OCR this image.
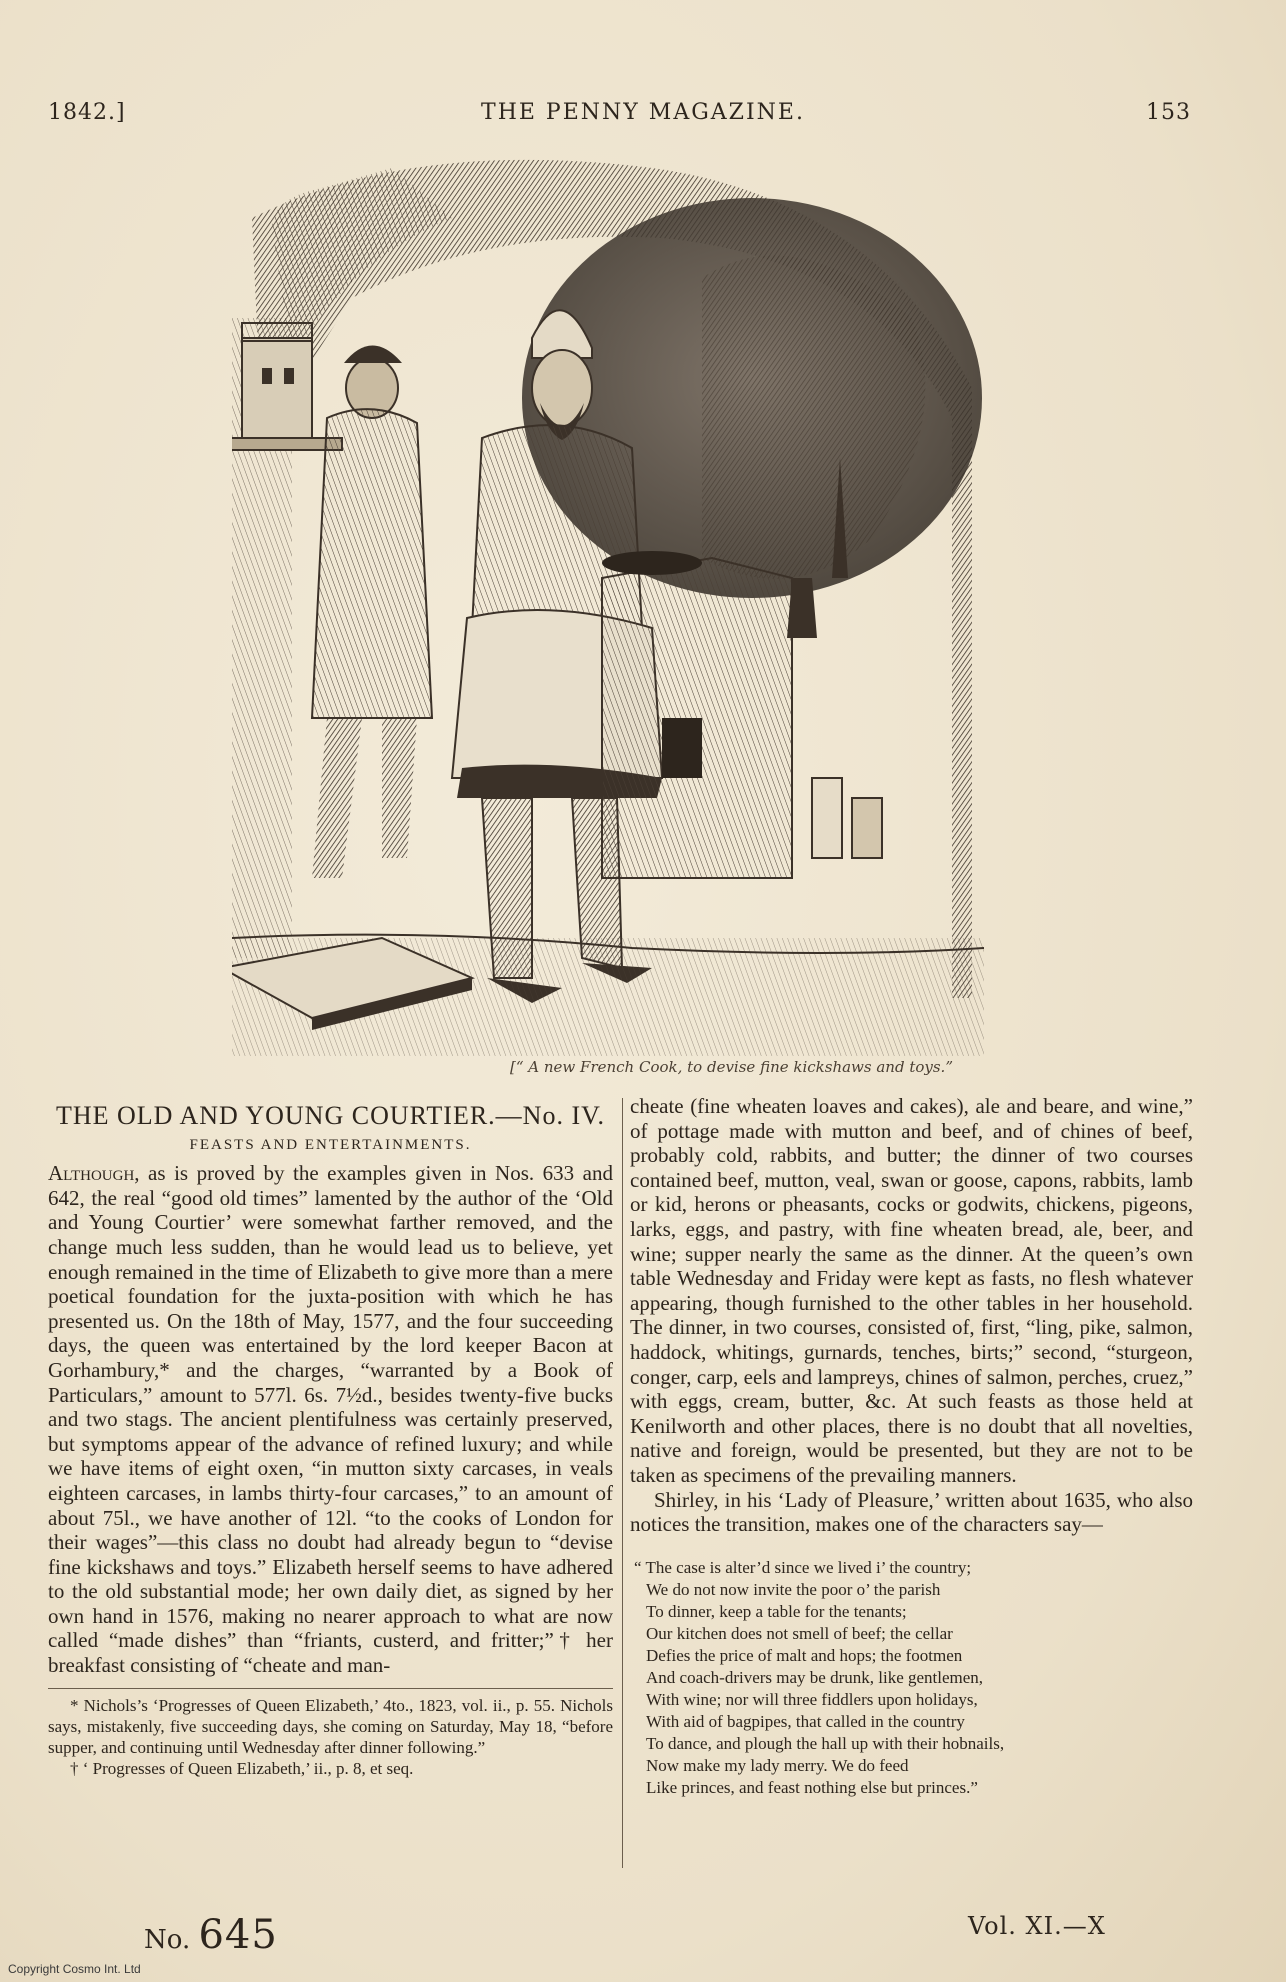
1842.]	THE PENNY MAGAZINE.	153
[“ A new French Cook, to devise fine kickshaws and toys.”
THE OLD AND YOUNG COURTIER.—No. IV.
FEASTS AND ENTERTAINMENTS.

Although, as is proved by the examples given in Nos. 633 and 642, the real “good old times” lamented by the author of the ‘Old and Young Courtier’ were somewhat farther removed, and the change much less sudden, than he would lead us to believe, yet enough remained in the time of Elizabeth to give more than a mere poetical foundation for the juxta-position with which he has presented us. On the 18th of May, 1577, and the four succeeding days, the queen was entertained by the lord keeper Bacon at Gorhambury,* and the charges, “warranted by a Book of Particulars,” amount to 577l. 6s. 7½d., besides twenty-five bucks and two stags. The ancient plentifulness was certainly preserved, but symptoms appear of the advance of refined luxury; and while we have items of eight oxen, “in mutton sixty carcases, in veals eighteen carcases, in lambs thirty-four carcases,” to an amount of about 75l., we have another of 12l. “to the cooks of London for their wages”—this class no doubt had already begun to “devise fine kickshaws and toys.” Elizabeth herself seems to have adhered to the old substantial mode; her own daily diet, as signed by her own hand in 1576, making no nearer approach to what are now called “made dishes” than “friants, custerd, and fritter;”† her breakfast consisting of “cheate and man-

* Nichols’s ‘Progresses of Queen Elizabeth,’ 4to., 1823, vol. ii., p. 55. Nichols says, mistakenly, five succeeding days, she coming on Saturday, May 18, “before supper, and continuing until Wednesday after dinner following.”

† ‘ Progresses of Queen Elizabeth,’ ii., p. 8, et seq.

cheate (fine wheaten loaves and cakes), ale and beare, and wine,” of pottage made with mutton and beef, and of chines of beef, probably cold, rabbits, and butter; the dinner of two courses contained beef, mutton, veal, swan or goose, capons, rabbits, lamb or kid, herons or pheasants, cocks or godwits, chickens, pigeons, larks, eggs, and pastry, with fine wheaten bread, ale, beer, and wine; supper nearly the same as the dinner. At the queen’s own table Wednesday and Friday were kept as fasts, no flesh whatever appearing, though furnished to the other tables in her household. The dinner, in two courses, consisted of, first, “ling, pike, salmon, haddock, whitings, gurnards, tenches, birts;” second, “sturgeon, conger, carp, eels and lampreys, chines of salmon, perches, cruez,” with eggs, cream, butter, &c. At such feasts as those held at Kenilworth and other places, there is no doubt that all novelties, native and foreign, would be presented, but they are not to be taken as specimens of the prevailing manners.

Shirley, in his ‘Lady of Pleasure,’ written about 1635, who also notices the transition, makes one of the characters say—

“ The case is alter’d since we lived i’ the country;
We do not now invite the poor o’ the parish
To dinner, keep a table for the tenants;
Our kitchen does not smell of beef; the cellar
Defies the price of malt and hops; the footmen
And coach-drivers may be drunk, like gentlemen,
With wine; nor will three fiddlers upon holidays,
With aid of bagpipes, that called in the country
To dance, and plough the hall up with their hobnails,
Now make my lady merry. We do feed
Like princes, and feast nothing else but princes.”
No. 645	Vol. XI.—X
Copyright Cosmo Int. Ltd
